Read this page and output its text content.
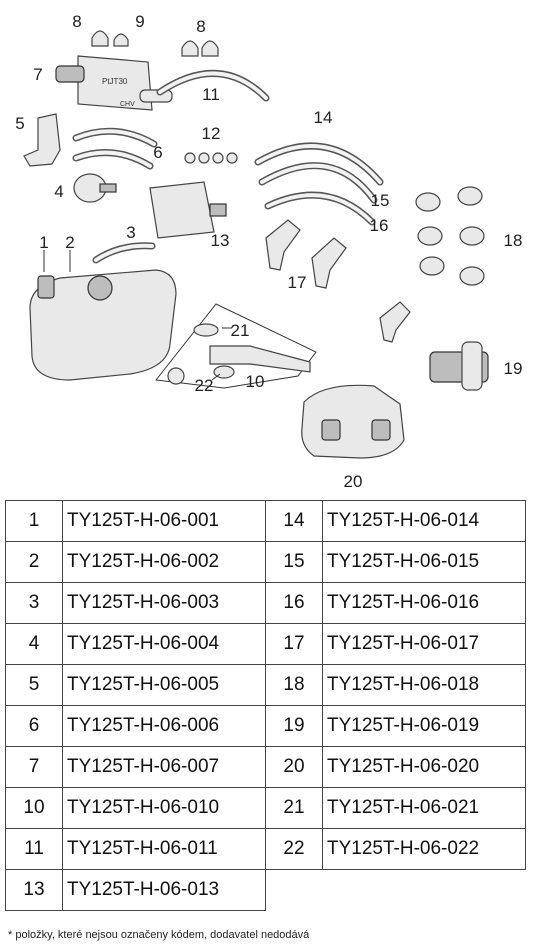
PtJT30
CHV
1 2
3
4
5
6
7
8	9	8
10
11
12
13
14
15
16
17
18
19
20
21
22
1	TY125T-H-06-001	14	TY125T-H-06-014
2	TY125T-H-06-002	15	TY125T-H-06-015
3	TY125T-H-06-003	16	TY125T-H-06-016
4	TY125T-H-06-004	17	TY125T-H-06-017
5	TY125T-H-06-005	18	TY125T-H-06-018
6	TY125T-H-06-006	19	TY125T-H-06-019
7	TY125T-H-06-007	20	TY125T-H-06-020
10	TY125T-H-06-010	21	TY125T-H-06-021
11	TY125T-H-06-011	22	TY125T-H-06-022
13	TY125T-H-06-013		
* položky, které nejsou označeny kódem, dodavatel nedodává
